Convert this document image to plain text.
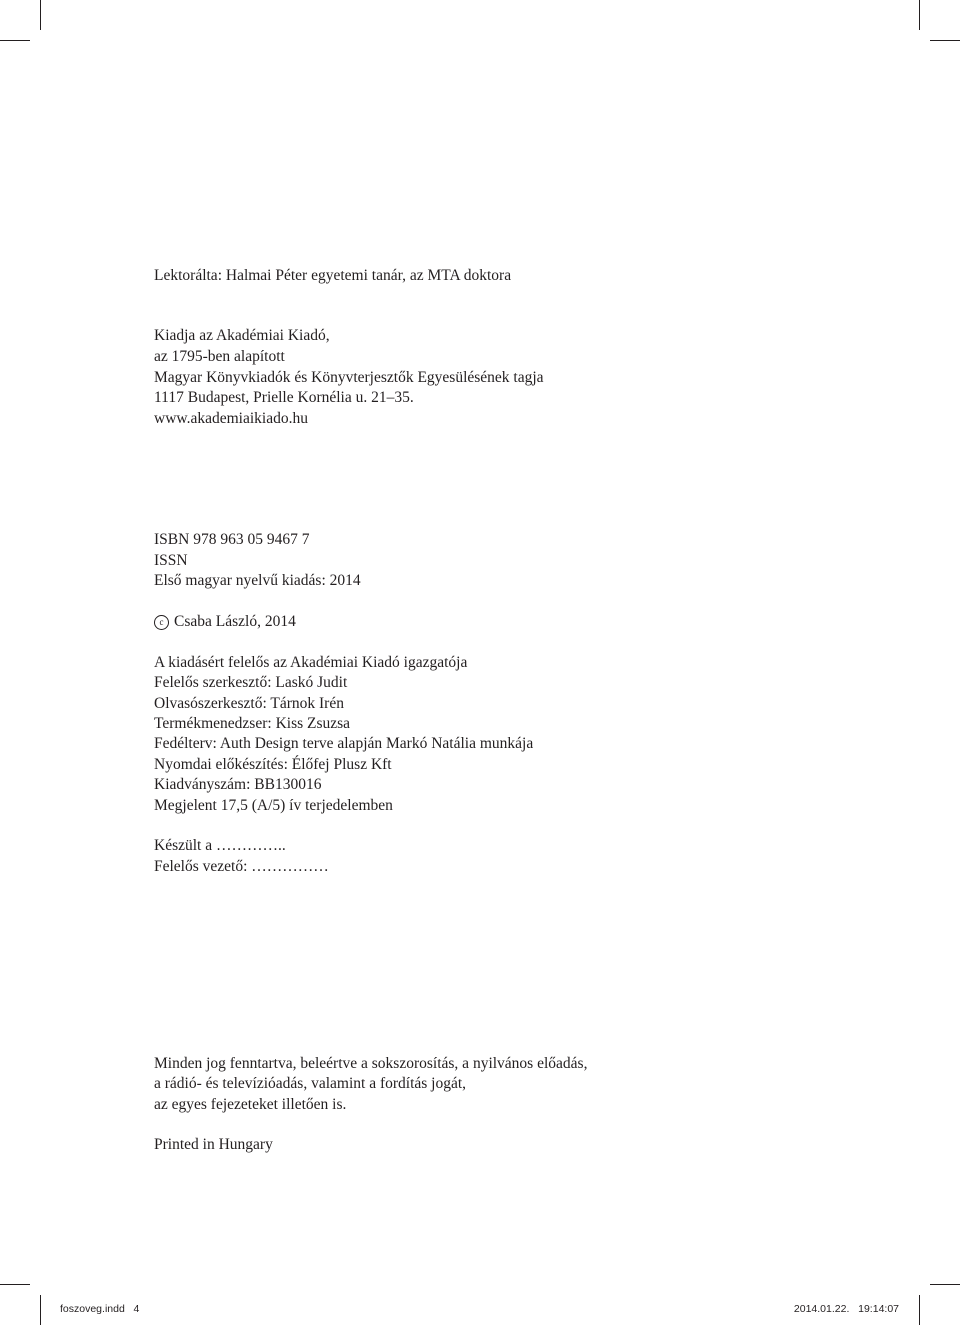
Lektorálta: Halmai Péter egyetemi tanár, az MTA doktora
Kiadja az Akadémiai Kiadó,
az 1795-ben alapított
Magyar Könyvkiadók és Könyvterjesztők Egyesülésének tagja
1117 Budapest, Prielle Kornélia u. 21–35.
www.akademiaikiado.hu
ISBN 978 963 05 9467 7
ISSN
Első magyar nyelvű kiadás: 2014
c Csaba László, 2014
A kiadásért felelős az Akadémiai Kiadó igazgatója
Felelős szerkesztő: Laskó Judit
Olvasószerkesztő: Tárnok Irén
Termékmenedzser: Kiss Zsuzsa
Fedélterv: Auth Design terve alapján Markó Natália munkája
Nyomdai előkészítés: Élőfej Plusz Kft
Kiadványszám: BB130016
Megjelent 17,5 (A/5) ív terjedelemben
Készült a …………..
Felelős vezető: ……………
Minden jog fenntartva, beleértve a sokszorosítás, a nyilvános előadás,
a rádió- és televízióadás, valamint a fordítás jogát,
az egyes fejezeteket illetően is.
Printed in Hungary
foszoveg.indd   4	2014.01.22.   19:14:07
